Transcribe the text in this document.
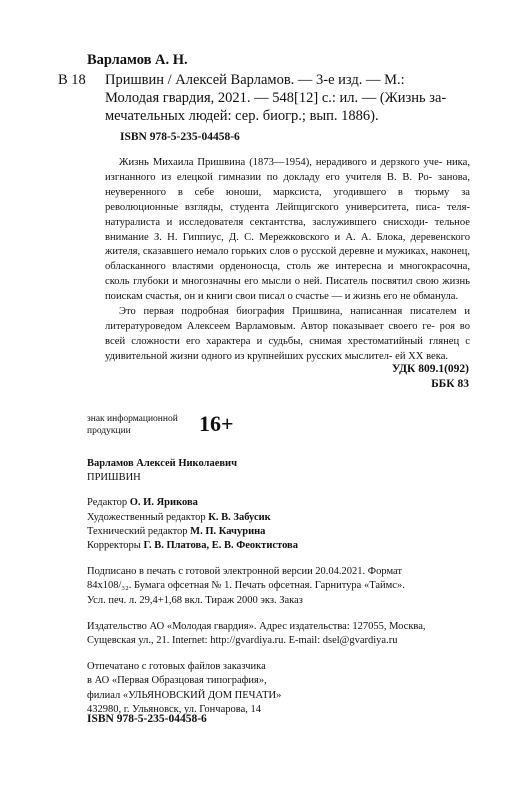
Варламов А. Н.
В 18 Пришвин / Алексей Варламов. — 3-е изд. — М.:
Молодая гвардия, 2021. — 548[12] с.: ил. — (Жизнь за-
мечательных людей: сер. биогр.; вып. 1886).
ISBN 978-5-235-04458-6

Жизнь Михаила Пришвина (1873—1954), нерадивого и дерзкого уче- ника, изгнанного из елецкой гимназии по докладу его учителя В. В. Ро- занова, неуверенного в себе юноши, марксиста, угодившего в тюрьму за революционные взгляды, студента Лейпцигского университета, писа- теля-натуралиста и исследователя сектантства, заслужившего снисходи- тельное внимание З. Н. Гиппиус, Д. С. Мережковского и А. А. Блока, деревенского жителя, сказавшего немало горьких слов о русской деревне и мужиках, наконец, обласканного властями орденоносца, столь же интересна и многокрасочна, сколь глубоки и многозначны его мысли о ней. Писатель посвятил свою жизнь поискам счастья, он и книги свои писал о счастье — и жизнь его не обманула.

Это первая подробная биография Пришвина, написанная писателем и литературоведом Алексеем Варламовым. Автор показывает своего ге- роя во всей сложности его характера и судьбы, снимая хрестоматийный глянец с удивительной жизни одного из крупнейших русских мыслител- ей XX века.

УДК 809.1(092)
ББК 83
знак информационной
продукции	16+
Варламов Алексей Николаевич
ПРИШВИН
Редактор О. И. Ярикова
Художественный редактор К. В. Забусик
Технический редактор М. П. Качурина
Корректоры Г. В. Платова, Е. В. Феоктистова
Подписано в печать с готовой электронной версии 20.04.2021. Формат
84x108/₃₂. Бумага офсетная № 1. Печать офсетная. Гарнитура «Таймс».
Усл. печ. л. 29,4+1,68 вкл. Тираж 2000 экз. Заказ
Издательство АО «Молодая гвардия». Адрес издательства: 127055, Москва,
Сущевская ул., 21. Internet: http://gvardiya.ru. E-mail: dsel@gvardiya.ru
Отпечатано с готовых файлов заказчика
в АО «Первая Образцовая типография»,
филиал «УЛЬЯНОВСКИЙ ДОМ ПЕЧАТИ»
432980, г. Ульяновск, ул. Гончарова, 14
ISBN 978-5-235-04458-6
